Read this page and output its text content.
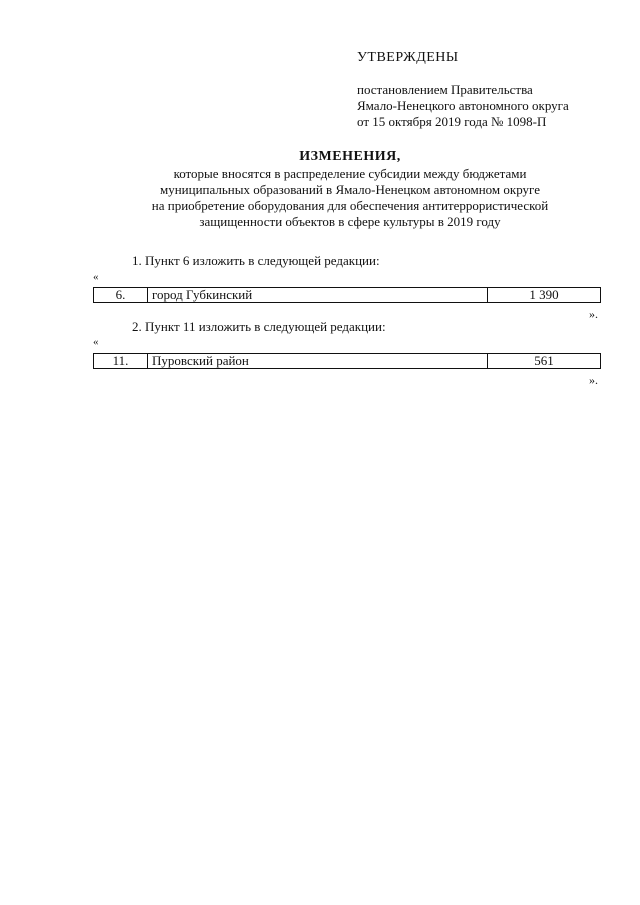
УТВЕРЖДЕНЫ
постановлением Правительства
Ямало-Ненецкого автономного округа
от 15 октября 2019 года № 1098-П
ИЗМЕНЕНИЯ,
которые вносятся в распределение субсидии между бюджетами
муниципальных образований в Ямало-Ненецком автономном округе
на приобретение оборудования для обеспечения антитеррористической
защищенности объектов в сфере культуры в 2019 году
1. Пункт 6 изложить в следующей редакции:
«
6.	город Губкинский	1 390
».
2. Пункт 11 изложить в следующей редакции:
«
11.	Пуровский район	561
».
